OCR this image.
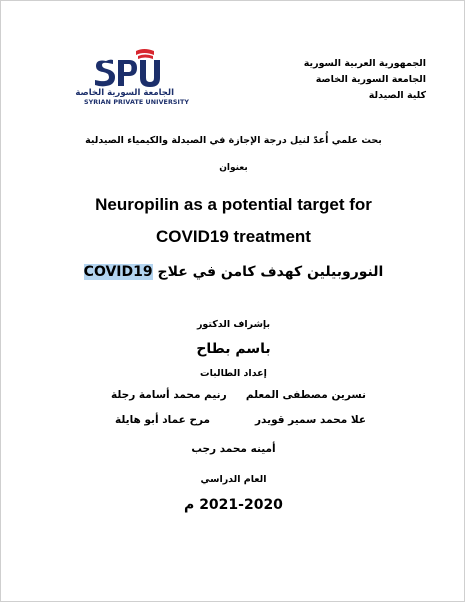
الجامعة السورية الخاصة
SYRIAN PRIVATE UNIVERSITY
الجمهورية العربية السورية
الجامعة السورية الخاصة
كلية الصيدلة
بحث علمي أُعدّ لنيل درجة الإجازة في الصيدلة والكيمياء الصيدلية
بعنوان
Neuropilin as a potential target for
COVID19 treatment
النوروبيلين كهدف كامن في علاج COVID19
بإشراف الدكتور
باسم بطاح
إعداد الطالبات
نسرين مصطفى المعلم
رنيم محمد أسامة رجلة
علا محمد سمير قويدر
مرح عماد أبو هايلة
أمينه محمد رجب
العام الدراسي
2021-2020 م
